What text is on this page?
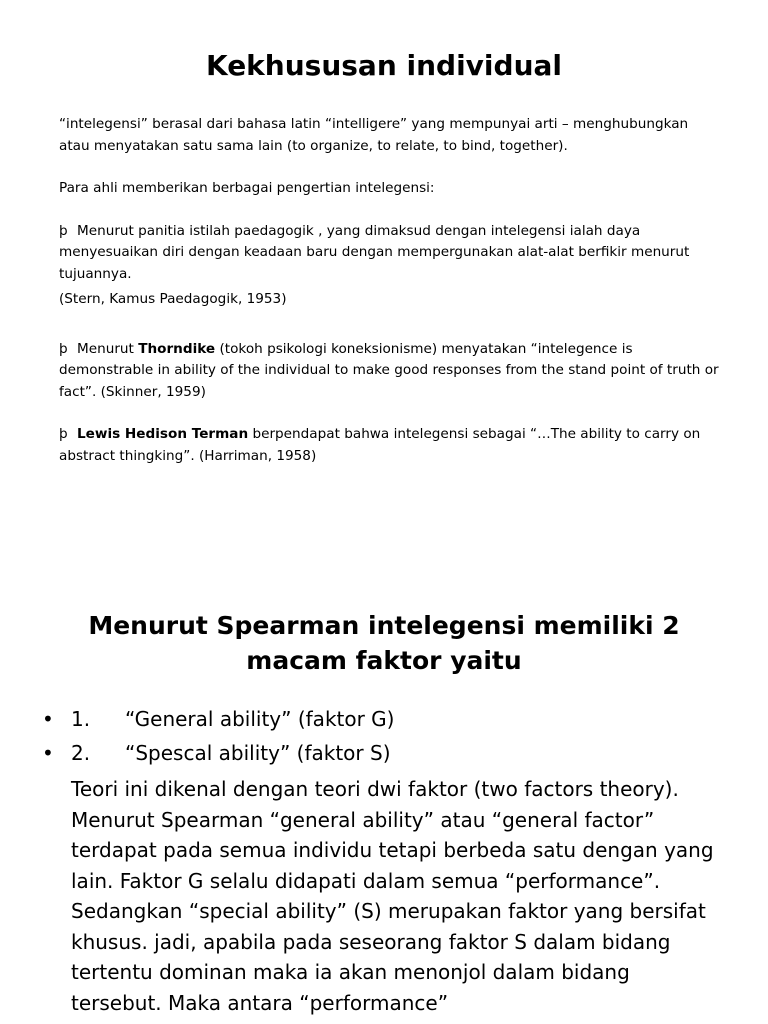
Kekhususan individual

“intelegensi” berasal dari bahasa latin “intelligere” yang mempunyai arti – menghubungkan atau menyatakan satu sama lain (to organize, to relate, to bind, together).

Para ahli memberikan berbagai pengertian intelegensi:

þ Menurut panitia istilah paedagogik , yang dimaksud dengan intelegensi ialah daya menyesuaikan diri dengan keadaan baru dengan mempergunakan alat-alat berfikir menurut tujuannya.

(Stern, Kamus Paedagogik, 1953)

þ Menurut Thorndike (tokoh psikologi koneksionisme) menyatakan “intelegence is demonstrable in ability of the individual to make good responses from the stand point of truth or fact”. (Skinner, 1959)

þ Lewis Hedison Terman berpendapat bahwa intelegensi sebagai “…The ability to carry on abstract thingking”. (Harriman, 1958)

Menurut Spearman intelegensi memiliki 2 macam faktor yaitu
• 1. “General ability” (faktor G)
• 2. “Spescal ability” (faktor S)

Teori ini dikenal dengan teori dwi faktor (two factors theory). Menurut Spearman “general ability” atau “general factor” terdapat pada semua individu tetapi berbeda satu dengan yang lain. Faktor G selalu didapati dalam semua “performance”. Sedangkan “special ability” (S) merupakan faktor yang bersifat khusus. jadi, apabila pada seseorang faktor S dalam bidang tertentu dominan maka ia akan menonjol dalam bidang tersebut. Maka antara “performance”
